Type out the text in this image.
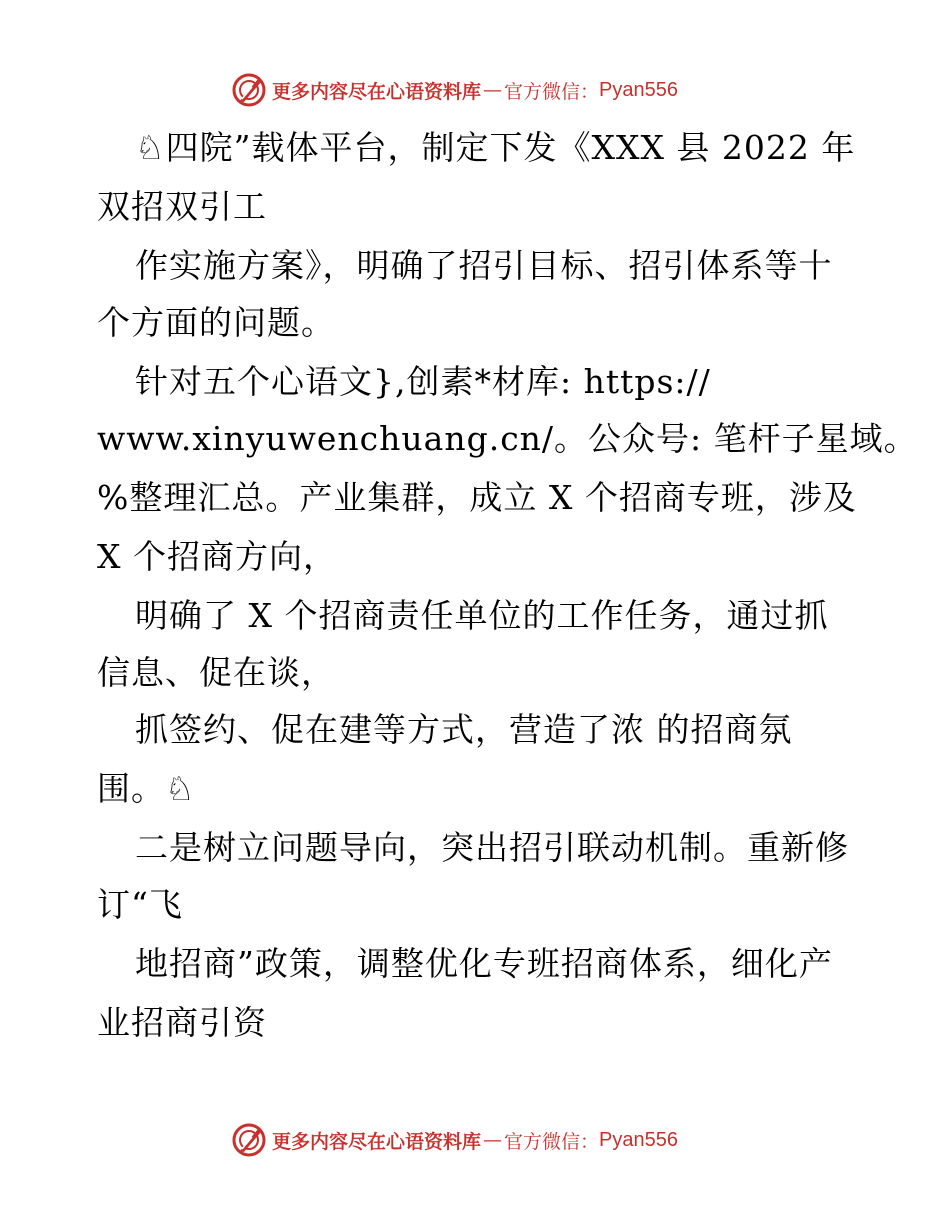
更多内容尽在心语资料库 — 官方微信： Pyan556
♘四院”载体平台，制定下发《XXX 县 2022 年
双招双引工
作实施方案》，明确了招引目标、招引体系等十
个方面的问题。
针对五个心语文},创素*材库: https://
www.xinyuwenchuang.cn/。公众号: 笔杆子星域。
%整理汇总。产业集群，成立 X 个招商专班，涉及
X 个招商方向，
明确了 X 个招商责任单位的工作任务，通过抓
信息、促在谈，
抓签约、促在建等方式，营造了浓 的招商氛
围。♘
二是树立问题导向，突出招引联动机制。重新修
订“飞
地招商”政策，调整优化专班招商体系，细化产
业招商引资
更多内容尽在心语资料库 — 官方微信： Pyan556
